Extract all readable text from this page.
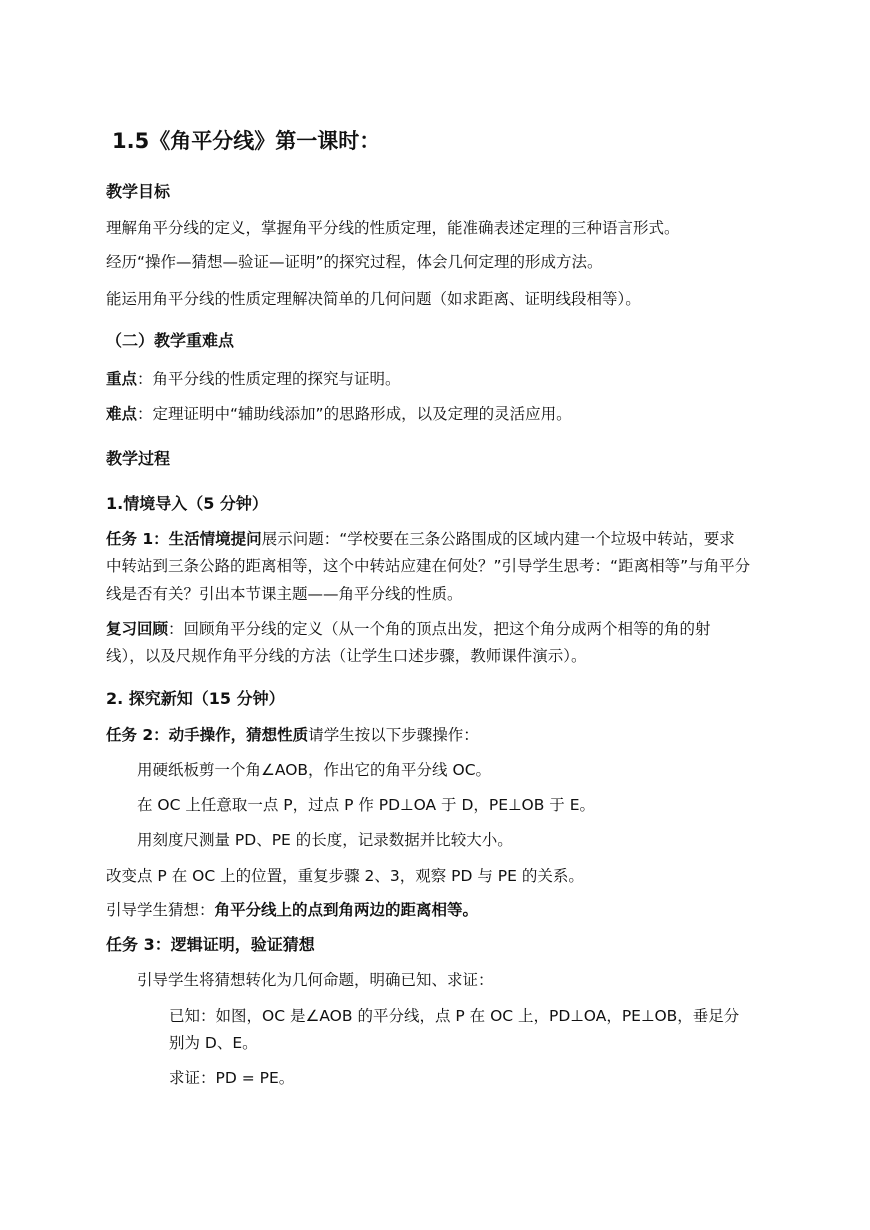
1.5《角平分线》第一课时：
教学目标
理解角平分线的定义，掌握角平分线的性质定理，能准确表述定理的三种语言形式。
经历“操作—猜想—验证—证明”的探究过程，体会几何定理的形成方法。
能运用角平分线的性质定理解决简单的几何问题（如求距离、证明线段相等）。
（二）教学重难点
重点：角平分线的性质定理的探究与证明。
难点：定理证明中“辅助线添加”的思路形成，以及定理的灵活应用。
教学过程
1.情境导入（5 分钟）
任务 1：生活情境提问展示问题：“学校要在三条公路围成的区域内建一个垃圾中转站，要求
中转站到三条公路的距离相等，这个中转站应建在何处？”引导学生思考：“距离相等”与角平分
线是否有关？引出本节课主题——角平分线的性质。
复习回顾：回顾角平分线的定义（从一个角的顶点出发，把这个角分成两个相等的角的射
线），以及尺规作角平分线的方法（让学生口述步骤，教师课件演示）。
2. 探究新知（15 分钟）
任务 2：动手操作，猜想性质请学生按以下步骤操作：
用硬纸板剪一个角∠AOB，作出它的角平分线 OC。
在 OC 上任意取一点 P，过点 P 作 PD⊥OA 于 D，PE⊥OB 于 E。
用刻度尺测量 PD、PE 的长度，记录数据并比较大小。
改变点 P 在 OC 上的位置，重复步骤 2、3，观察 PD 与 PE 的关系。
引导学生猜想：角平分线上的点到角两边的距离相等。
任务 3：逻辑证明，验证猜想
引导学生将猜想转化为几何命题，明确已知、求证：
已知：如图，OC 是∠AOB 的平分线，点 P 在 OC 上，PD⊥OA，PE⊥OB，垂足分
别为 D、E。
求证：PD = PE。
